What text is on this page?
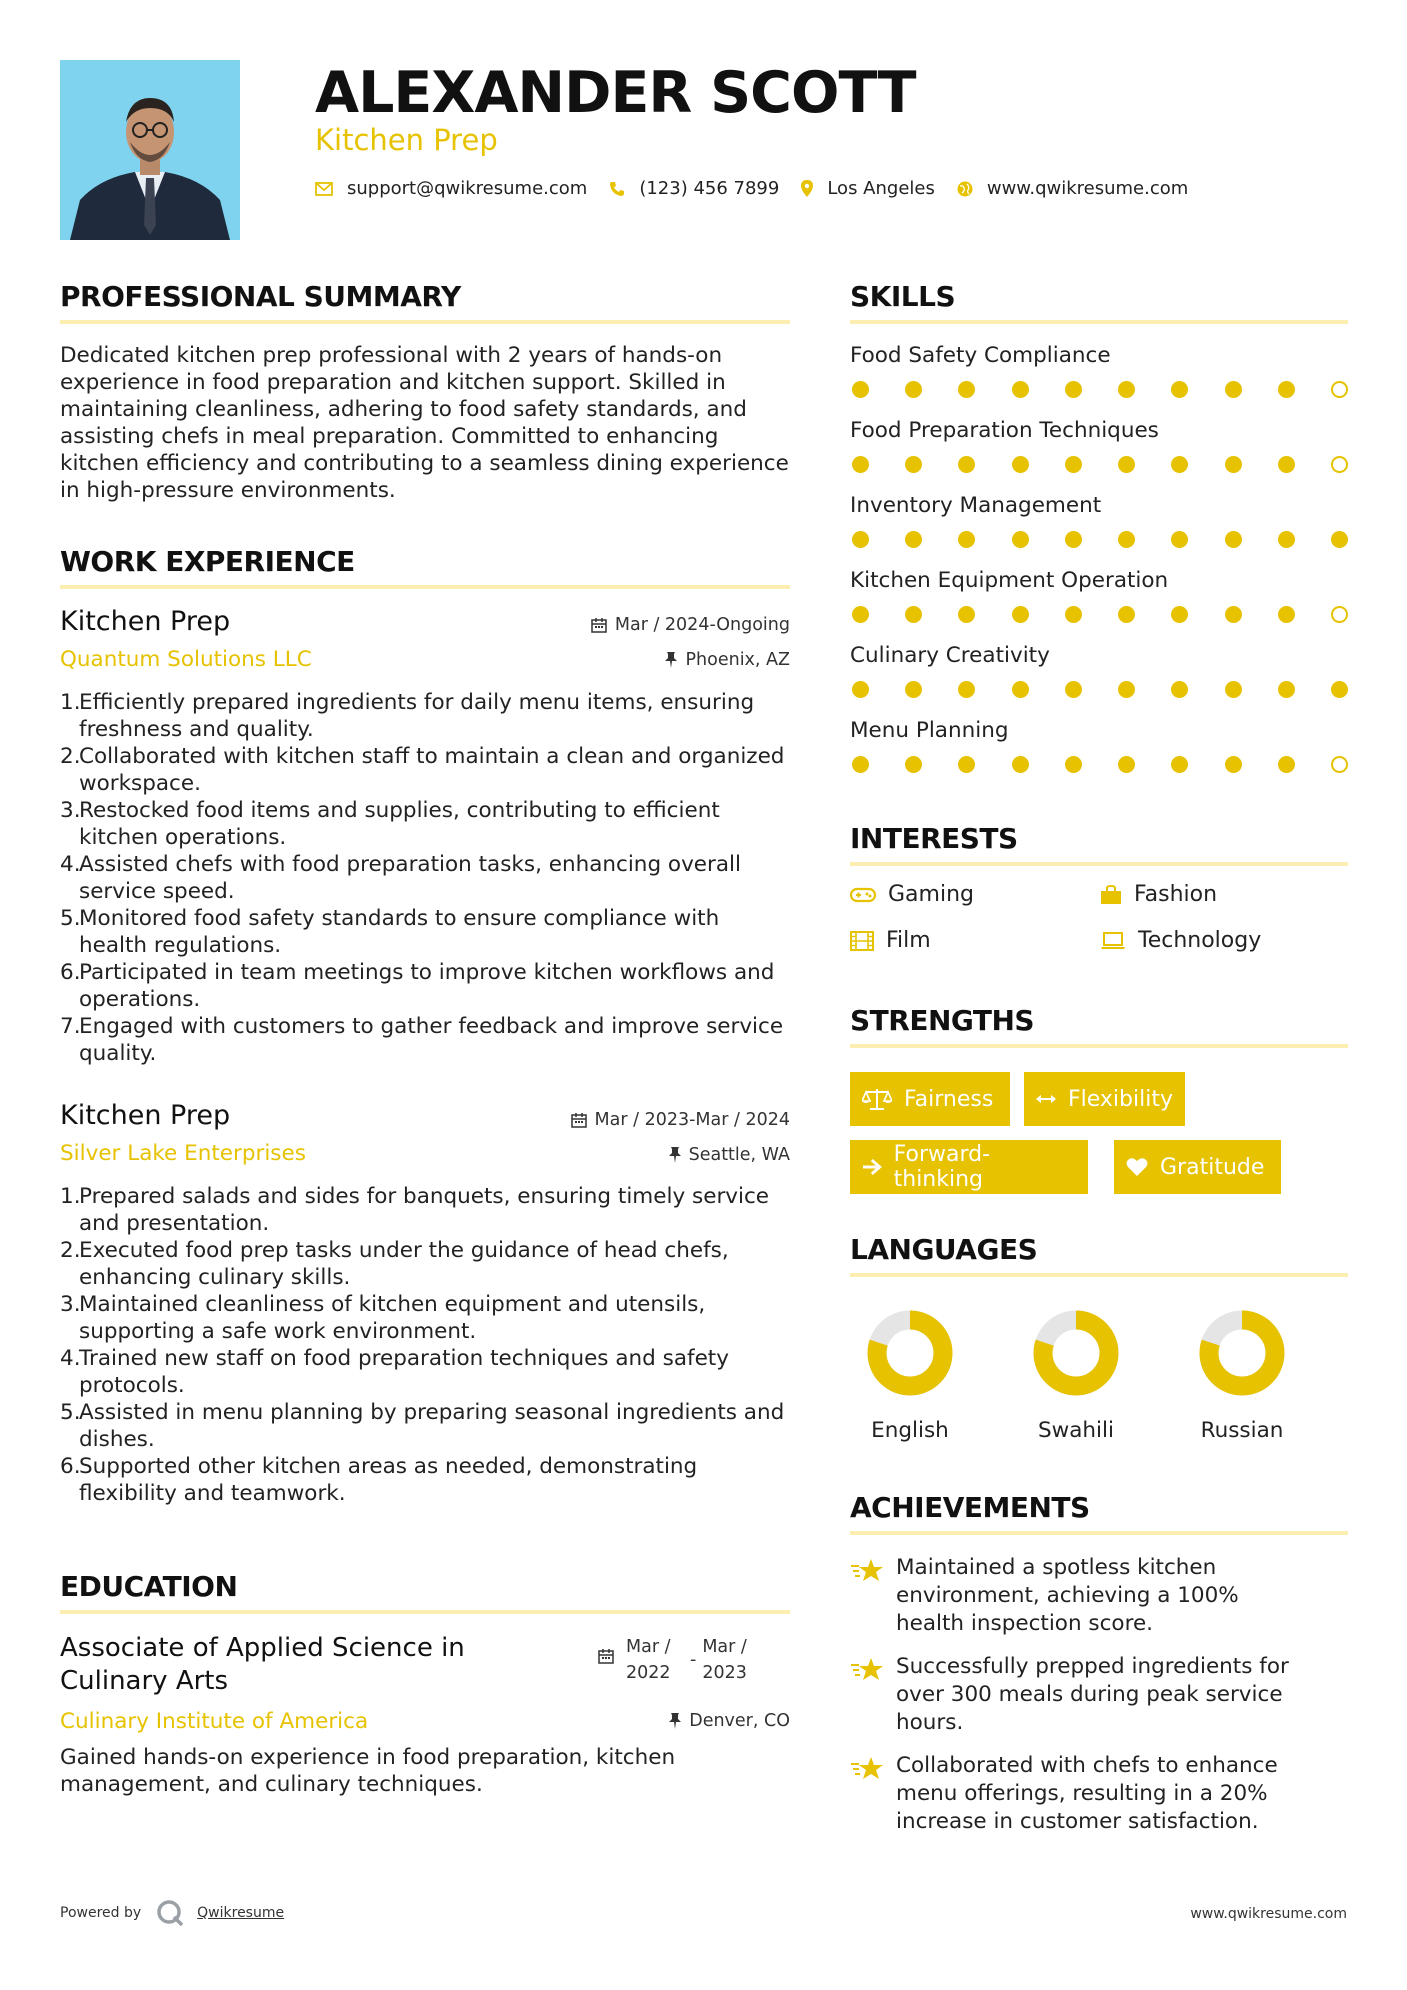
ALEXANDER SCOTT
Kitchen Prep
support@qwikresume.com	(123) 456 7899	Los Angeles	www.qwikresume.com
PROFESSIONAL SUMMARY
Dedicated kitchen prep professional with 2 years of hands-on experience in food preparation and kitchen support. Skilled in maintaining cleanliness, adhering to food safety standards, and assisting chefs in meal preparation. Committed to enhancing kitchen efficiency and contributing to a seamless dining experience in high-pressure environments.
WORK EXPERIENCE
Kitchen Prep	Mar / 2024-Ongoing
Quantum Solutions LLC	Phoenix, AZ
Efficiently prepared ingredients for daily menu items, ensuring freshness and quality.
Collaborated with kitchen staff to maintain a clean and organized workspace.
Restocked food items and supplies, contributing to efficient kitchen operations.
Assisted chefs with food preparation tasks, enhancing overall service speed.
Monitored food safety standards to ensure compliance with health regulations.
Participated in team meetings to improve kitchen workflows and operations.
Engaged with customers to gather feedback and improve service quality.
Kitchen Prep	Mar / 2023-Mar / 2024
Silver Lake Enterprises	Seattle, WA
Prepared salads and sides for banquets, ensuring timely service and presentation.
Executed food prep tasks under the guidance of head chefs, enhancing culinary skills.
Maintained cleanliness of kitchen equipment and utensils, supporting a safe work environment.
Trained new staff on food preparation techniques and safety protocols.
Assisted in menu planning by preparing seasonal ingredients and dishes.
Supported other kitchen areas as needed, demonstrating flexibility and teamwork.
EDUCATION
Associate of Applied Science in Culinary Arts
Mar / 2022
-
Mar / 2023
Culinary Institute of America	Denver, CO
Gained hands-on experience in food preparation, kitchen management, and culinary techniques.
SKILLS
Food Safety Compliance
Food Preparation Techniques
Inventory Management
Kitchen Equipment Operation
Culinary Creativity
Menu Planning
INTERESTS
Gaming	Fashion
Film	Technology
STRENGTHS
Fairness	Flexibility
Forward-thinking	Gratitude
LANGUAGES
English	Swahili	Russian
ACHIEVEMENTS
Maintained a spotless kitchen environment, achieving a 100% health inspection score.
Successfully prepped ingredients for over 300 meals during peak service hours.
Collaborated with chefs to enhance menu offerings, resulting in a 20% increase in customer satisfaction.
Powered by	Qwikresume	www.qwikresume.com
